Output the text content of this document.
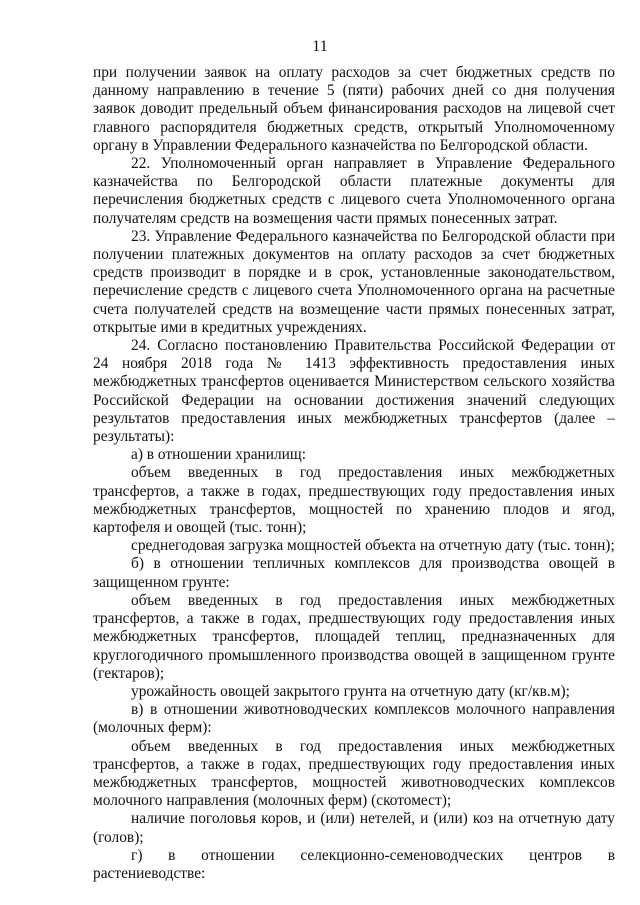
11

при получении заявок на оплату расходов за счет бюджетных средств по данному направлению в течение 5 (пяти) рабочих дней со дня получения заявок доводит предельный объем финансирования расходов на лицевой счет главного распорядителя бюджетных средств, открытый Уполномоченному органу в Управлении Федерального казначейства по Белгородской области.

22. Уполномоченный орган направляет в Управление Федерального казначейства по Белгородской области платежные документы для перечисления бюджетных средств с лицевого счета Уполномоченного органа получателям средств на возмещения части прямых понесенных затрат.

23. Управление Федерального казначейства по Белгородской области при получении платежных документов на оплату расходов за счет бюджетных средств производит в порядке и в срок, установленные законодательством, перечисление средств с лицевого счета Уполномоченного органа на расчетные счета получателей средств на возмещение части прямых понесенных затрат, открытые ими в кредитных учреждениях.

24. Согласно постановлению Правительства Российской Федерации от 24 ноября 2018 года № 1413 эффективность предоставления иных межбюджетных трансфертов оценивается Министерством сельского хозяйства Российской Федерации на основании достижения значений следующих результатов предоставления иных межбюджетных трансфертов (далее – результаты):

а) в отношении хранилищ:

объем введенных в год предоставления иных межбюджетных трансфертов, а также в годах, предшествующих году предоставления иных межбюджетных трансфертов, мощностей по хранению плодов и ягод, картофеля и овощей (тыс. тонн);

среднегодовая загрузка мощностей объекта на отчетную дату (тыс. тонн);

б) в отношении тепличных комплексов для производства овощей в защищенном грунте:

объем введенных в год предоставления иных межбюджетных трансфертов, а также в годах, предшествующих году предоставления иных межбюджетных трансфертов, площадей теплиц, предназначенных для круглогодичного промышленного производства овощей в защищенном грунте (гектаров);

урожайность овощей закрытого грунта на отчетную дату (кг/кв.м);

в) в отношении животноводческих комплексов молочного направления (молочных ферм):

объем введенных в год предоставления иных межбюджетных трансфертов, а также в годах, предшествующих году предоставления иных межбюджетных трансфертов, мощностей животноводческих комплексов молочного направления (молочных ферм) (скотомест);

наличие поголовья коров, и (или) нетелей, и (или) коз на отчетную дату (голов);

г) в отношении селекционно-семеноводческих центров в растениеводстве:
